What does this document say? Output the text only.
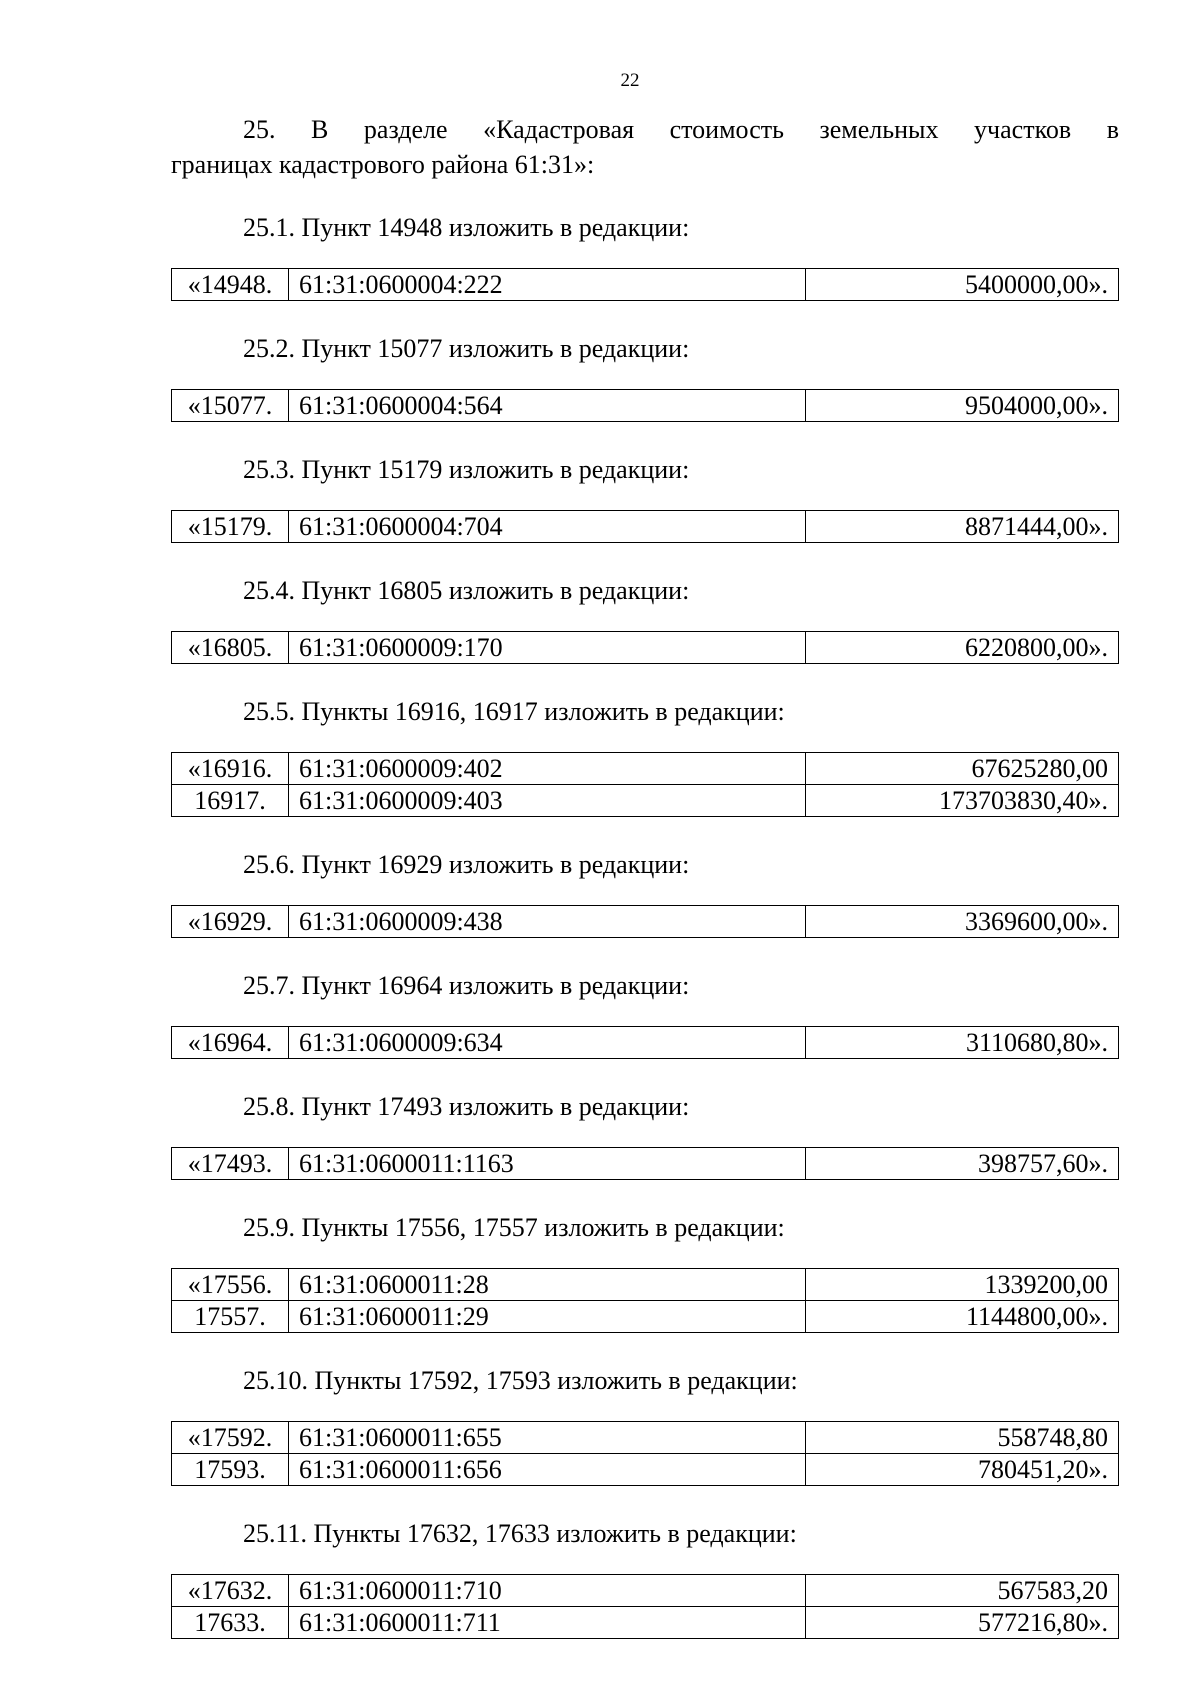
22

25. В разделе «Кадастровая стоимость земельных участков в
границах кадастрового района 61:31»:

25.1. Пункт 14948 изложить в редакции:

«14948.	61:31:0600004:222	5400000,00».

25.2. Пункт 15077 изложить в редакции:

«15077.	61:31:0600004:564	9504000,00».

25.3. Пункт 15179 изложить в редакции:

«15179.	61:31:0600004:704	8871444,00».

25.4. Пункт 16805 изложить в редакции:

«16805.	61:31:0600009:170	6220800,00».

25.5. Пункты 16916, 16917 изложить в редакции:

«16916.	61:31:0600009:402	67625280,00
16917.	61:31:0600009:403	173703830,40».

25.6. Пункт 16929 изложить в редакции:

«16929.	61:31:0600009:438	3369600,00».

25.7. Пункт 16964 изложить в редакции:

«16964.	61:31:0600009:634	3110680,80».

25.8. Пункт 17493 изложить в редакции:

«17493.	61:31:0600011:1163	398757,60».

25.9. Пункты 17556, 17557 изложить в редакции:

«17556.	61:31:0600011:28	1339200,00
17557.	61:31:0600011:29	1144800,00».

25.10. Пункты 17592, 17593 изложить в редакции:

«17592.	61:31:0600011:655	558748,80
17593.	61:31:0600011:656	780451,20».

25.11. Пункты 17632, 17633 изложить в редакции:

«17632.	61:31:0600011:710	567583,20
17633.	61:31:0600011:711	577216,80».
